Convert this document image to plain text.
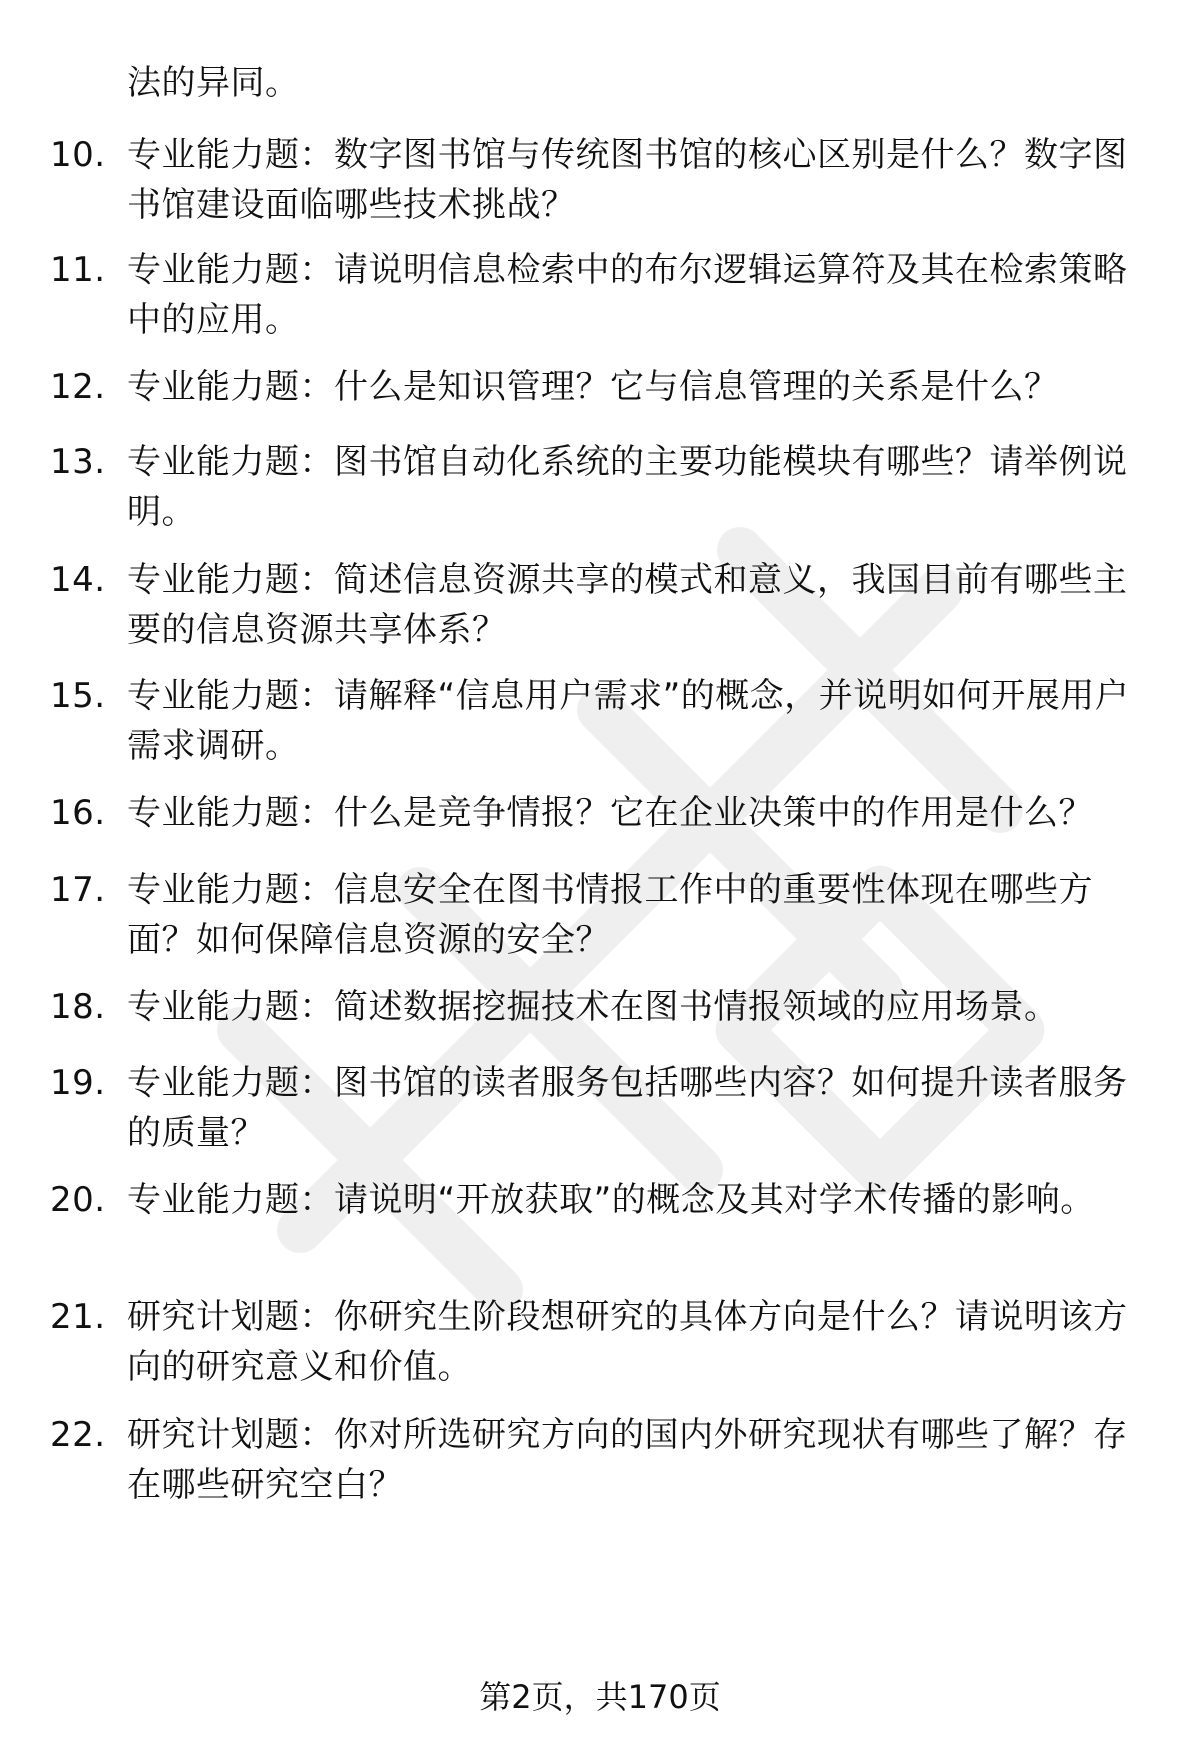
法的异同。
10. 专业能力题：数字图书馆与传统图书馆的核心区别是什么？数字图书馆建设面临哪些技术挑战？
11. 专业能力题：请说明信息检索中的布尔逻辑运算符及其在检索策略中的应用。
12. 专业能力题：什么是知识管理？它与信息管理的关系是什么？
13. 专业能力题：图书馆自动化系统的主要功能模块有哪些？请举例说明。
14. 专业能力题：简述信息资源共享的模式和意义，我国目前有哪些主要的信息资源共享体系？
15. 专业能力题：请解释“信息用户需求”的概念，并说明如何开展用户需求调研。
16. 专业能力题：什么是竞争情报？它在企业决策中的作用是什么？
17. 专业能力题：信息安全在图书情报工作中的重要性体现在哪些方面？如何保障信息资源的安全？
18. 专业能力题：简述数据挖掘技术在图书情报领域的应用场景。
19. 专业能力题：图书馆的读者服务包括哪些内容？如何提升读者服务的质量？
20. 专业能力题：请说明“开放获取”的概念及其对学术传播的影响。
21. 研究计划题：你研究生阶段想研究的具体方向是什么？请说明该方向的研究意义和价值。
22. 研究计划题：你对所选研究方向的国内外研究现状有哪些了解？存在哪些研究空白？
第2页，共170页
